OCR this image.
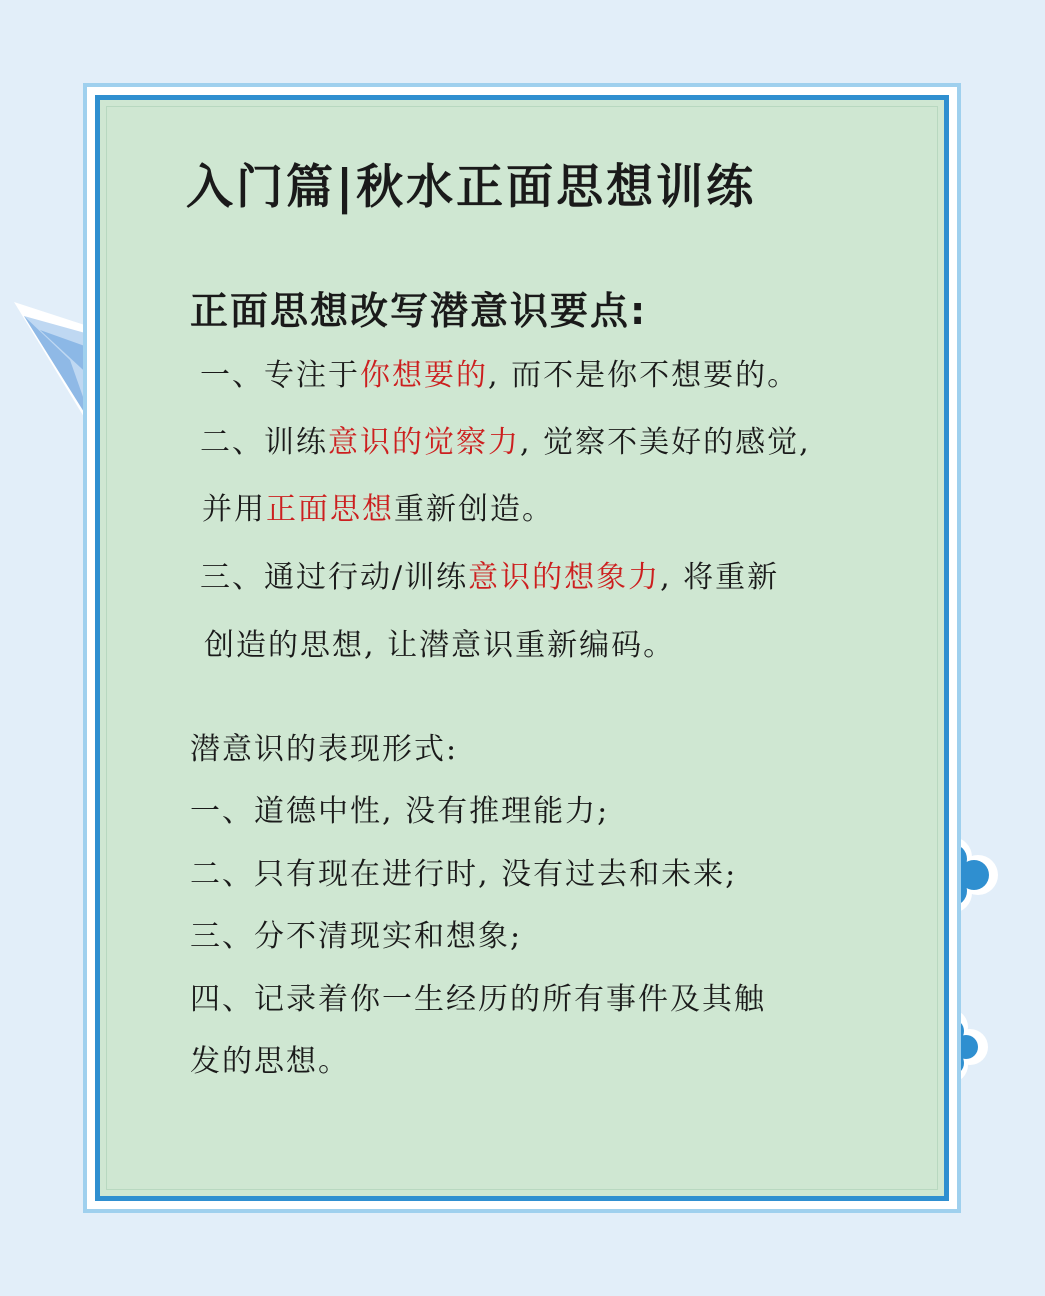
入门篇|秋水正面思想训练
正面思想改写潜意识要点:
一、专注于你想要的, 而不是你不想要的。
二、训练意识的觉察力, 觉察不美好的感觉,
并用正面思想重新创造。
三、通过行动/训练意识的想象力, 将重新
创造的思想, 让潜意识重新编码。
潜意识的表现形式:
一、道德中性, 没有推理能力;
二、只有现在进行时, 没有过去和未来;
三、分不清现实和想象;
四、记录着你一生经历的所有事件及其触
发的思想。
